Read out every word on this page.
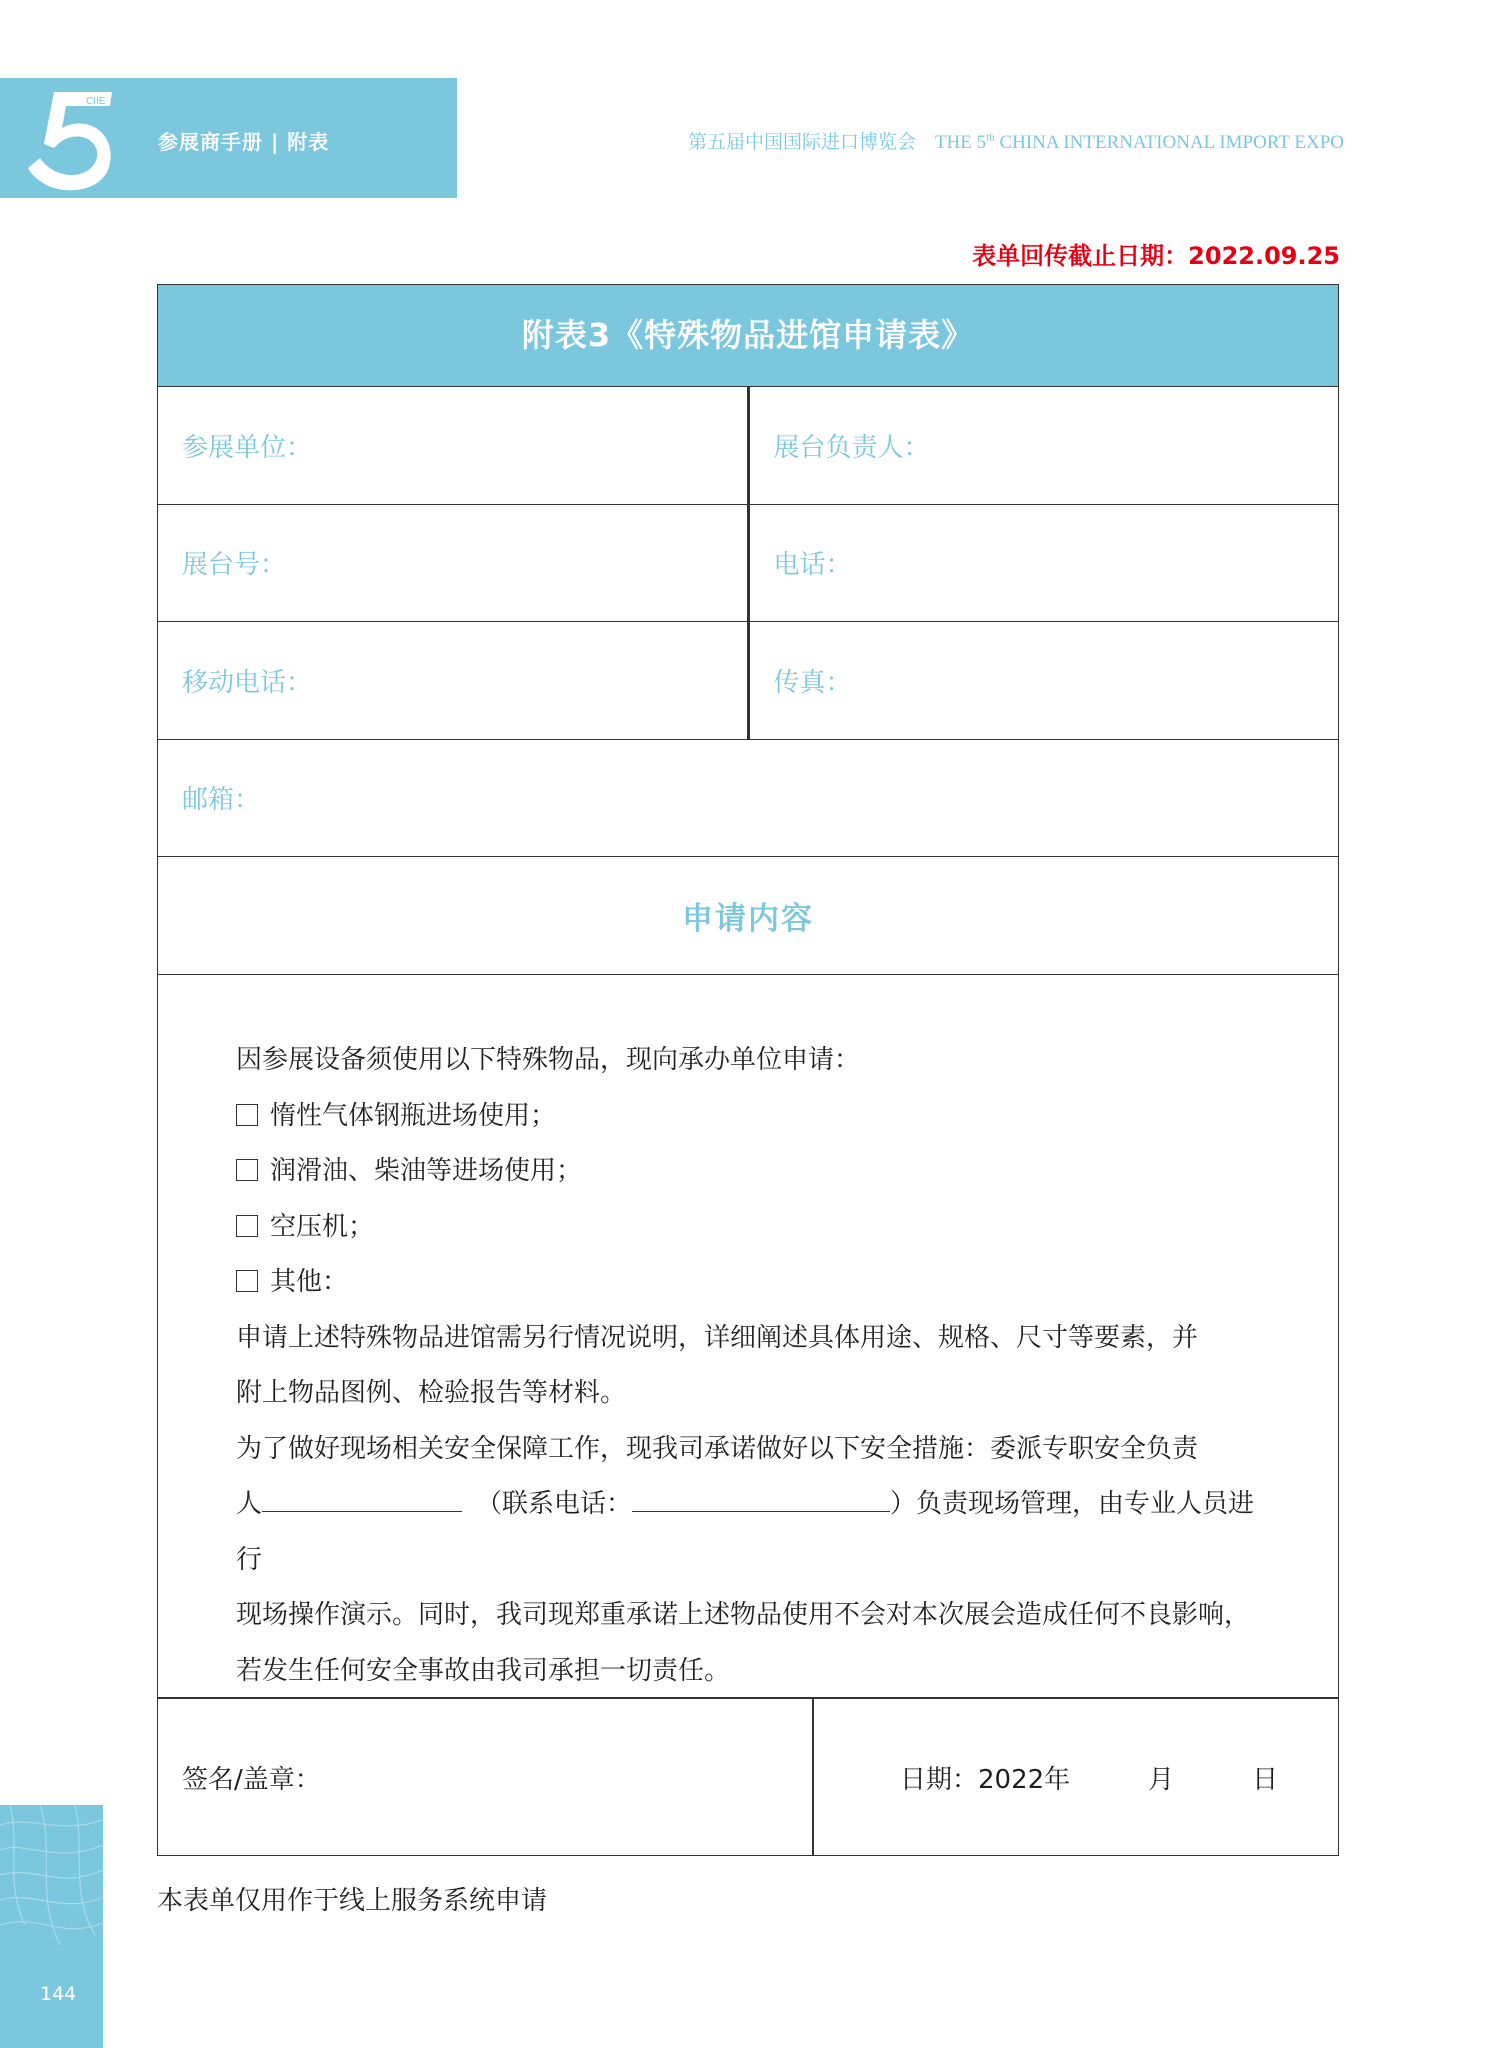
CIIE
参展商手册 | 附表	第五届中国国际进口博览会　THE 5th CHINA INTERNATIONAL IMPORT EXPO
表单回传截止日期：2022.09.25
附表3《特殊物品进馆申请表》
参展单位：	展台负责人：
展台号：	电话：
移动电话：	传真：
邮箱：
申请内容

因参展设备须使用以下特殊物品，现向承办单位申请：

惰性气体钢瓶进场使用；

润滑油、柴油等进场使用；

空压机；

其他：

申请上述特殊物品进馆需另行情况说明，详细阐述具体用途、规格、尺寸等要素，并

附上物品图例、检验报告等材料。

为了做好现场相关安全保障工作，现我司承诺做好以下安全措施：委派专职安全负责

人	（联系电话：	）负责现场管理，由专业人员进行

现场操作演示。同时，我司现郑重承诺上述物品使用不会对本次展会造成任何不良影响，

若发生任何安全事故由我司承担一切责任。

签名/盖章：	日期：2022年　　　月　　　日
本表单仅用作于线上服务系统申请
144
